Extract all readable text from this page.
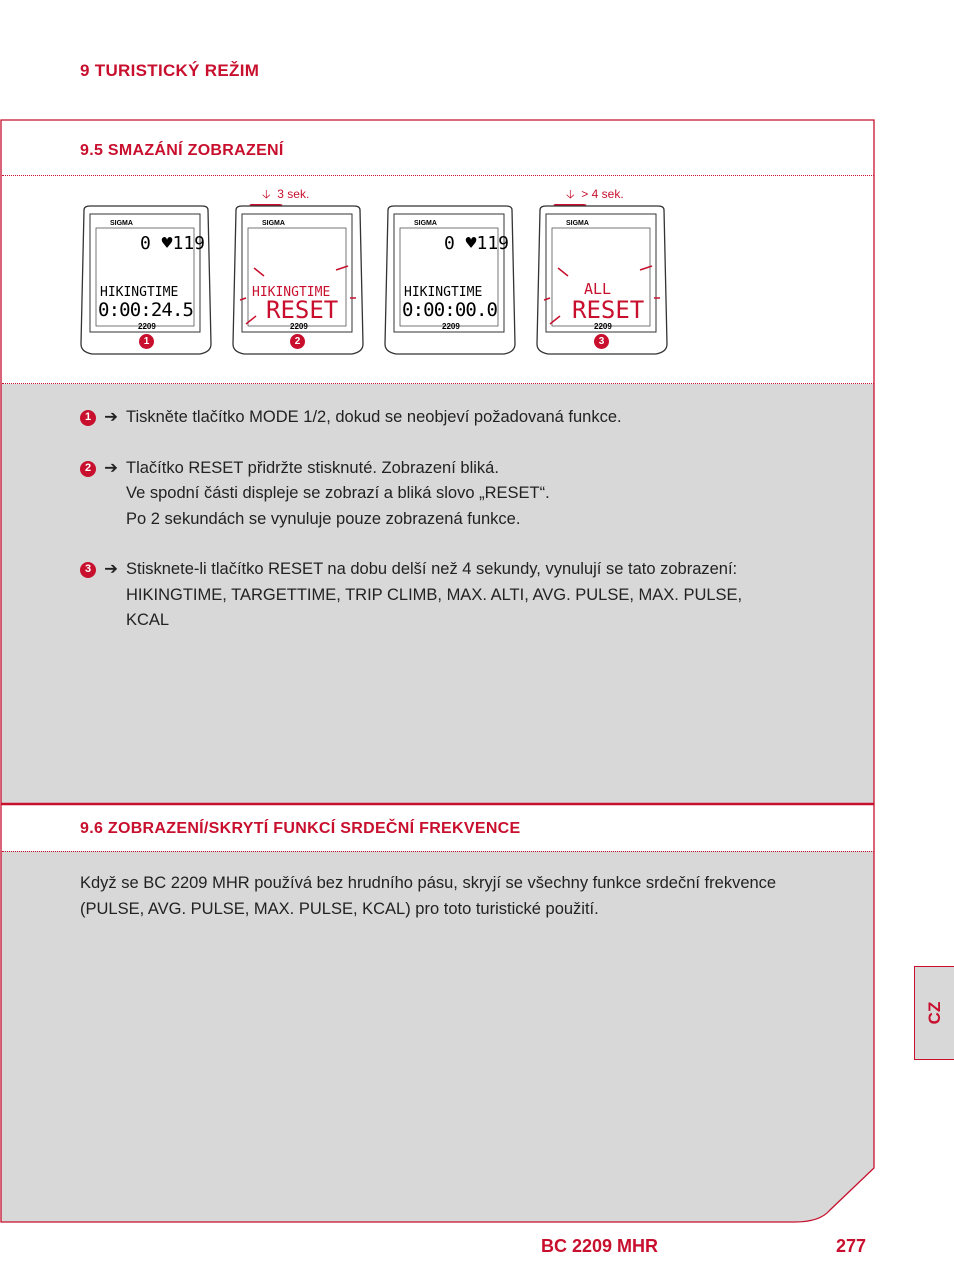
9 TURISTICKÝ REŽIM
9.5 SMAZÁNÍ ZOBRAZENÍ
🡣 3 sek.	🡣 > 4 sek.
SIGMA
0 ♥119
HIKINGTIME
0:00:24.5
2209
1
SIGMA
HIKINGTIME
RESET
2209
2
SIGMA
0 ♥119
HIKINGTIME
0:00:00.0
2209
SIGMA
ALL
RESET
2209
3
1 ➔ Tiskněte tlačítko MODE 1/2, dokud se neobjeví požadovaná funkce.
2 ➔ Tlačítko RESET přidržte stisknuté. Zobrazení bliká.
Ve spodní části displeje se zobrazí a bliká slovo „RESET“.
Po 2 sekundách se vynuluje pouze zobrazená funkce.
3 ➔ Stisknete-li tlačítko RESET na dobu delší než 4 sekundy, vynulují se tato zobrazení:
HIKINGTIME, TARGETTIME, TRIP CLIMB, MAX. ALTI, AVG. PULSE, MAX. PULSE,
KCAL
9.6 ZOBRAZENÍ/SKRYTÍ FUNKCÍ SRDEČNÍ FREKVENCE
Když se BC 2209 MHR používá bez hrudního pásu, skryjí se všechny funkce srdeční frekvence (PULSE, AVG. PULSE, MAX. PULSE, KCAL) pro toto turistické použití.
CZ
BC 2209 MHR	277
